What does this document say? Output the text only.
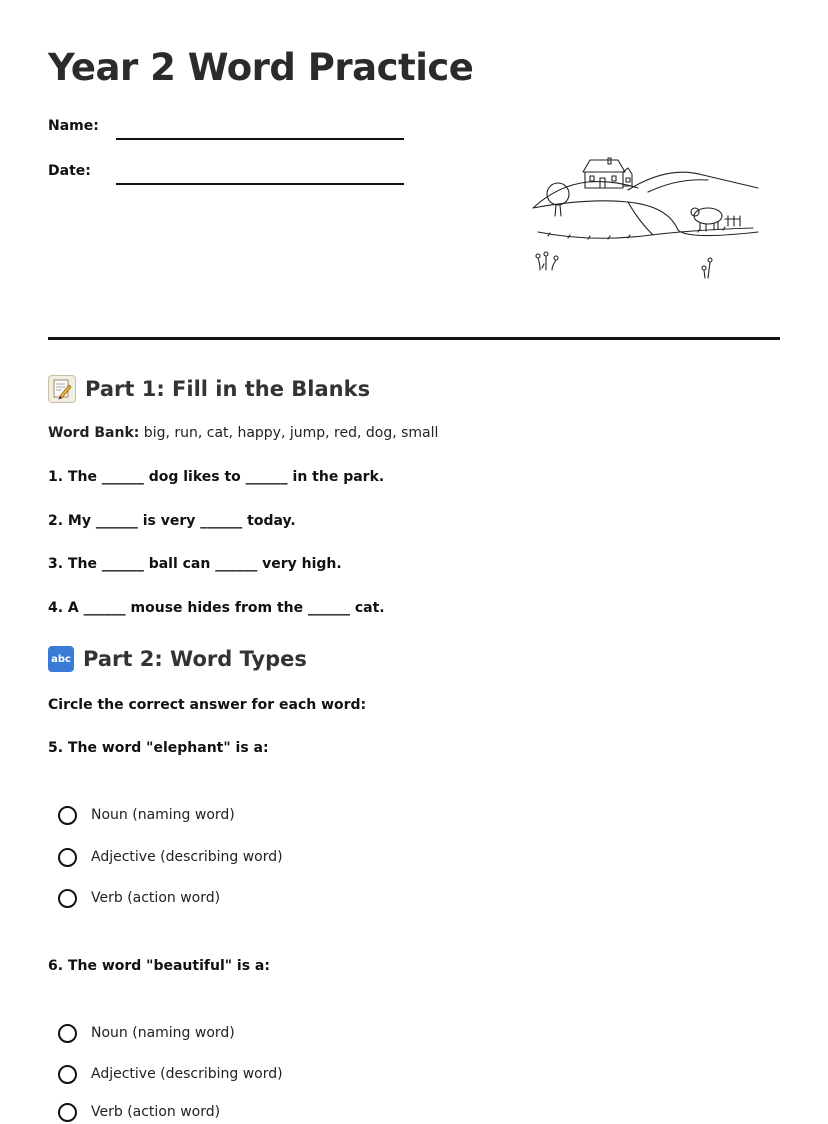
Year 2 Word Practice
Name:
Date:
Part 1: Fill in the Blanks
Word Bank: big, run, cat, happy, jump, red, dog, small
1. The ______ dog likes to ______ in the park.
2. My ______ is very ______ today.
3. The ______ ball can ______ very high.
4. A ______ mouse hides from the ______ cat.
abc Part 2: Word Types
Circle the correct answer for each word:
5. The word "elephant" is a:
Noun (naming word)
Adjective (describing word)
Verb (action word)
6. The word "beautiful" is a:
Noun (naming word)
Adjective (describing word)
Verb (action word)
